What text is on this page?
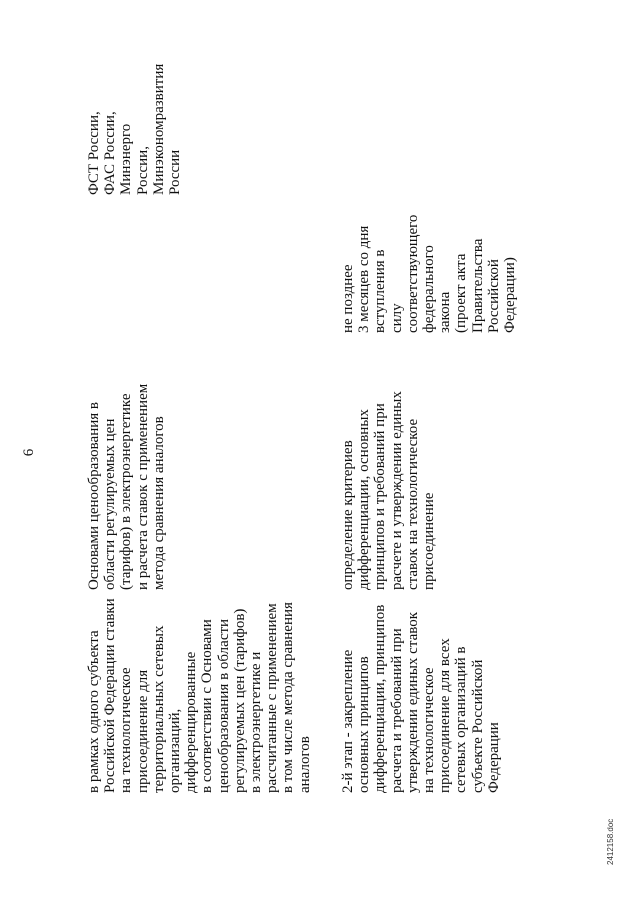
6
в рамках одного субъекта
Российской Федерации ставки
на технологическое
присоединение для
территориальных сетевых
организаций,
дифференцированные
в соответствии с Основами
ценообразования в области
регулируемых цен (тарифов)
в электроэнергетике и
рассчитанные с применением
в том числе метода сравнения
аналогов
Основами ценообразования в
области регулируемых цен
(тарифов) в электроэнергетике
и расчета ставок с применением
метода сравнения аналогов
ФСТ России,
ФАС России,
Минэнерго
России,
Минэкономразвития
России
2-й этап - закрепление
основных принципов
дифференциации, принципов
расчета и требований при
утверждении единых ставок
на технологическое
присоединение для всех
сетевых организаций в
субъекте Российской
Федерации
определение критериев
дифференциации, основных
принципов и требований при
расчете и утверждении единых
ставок на технологическое
присоединение
не позднее
3 месяцев со дня
вступления в
силу
соответствующего
федерального
закона
(проект акта
Правительства
Российской
Федерации)
2412158.doc
